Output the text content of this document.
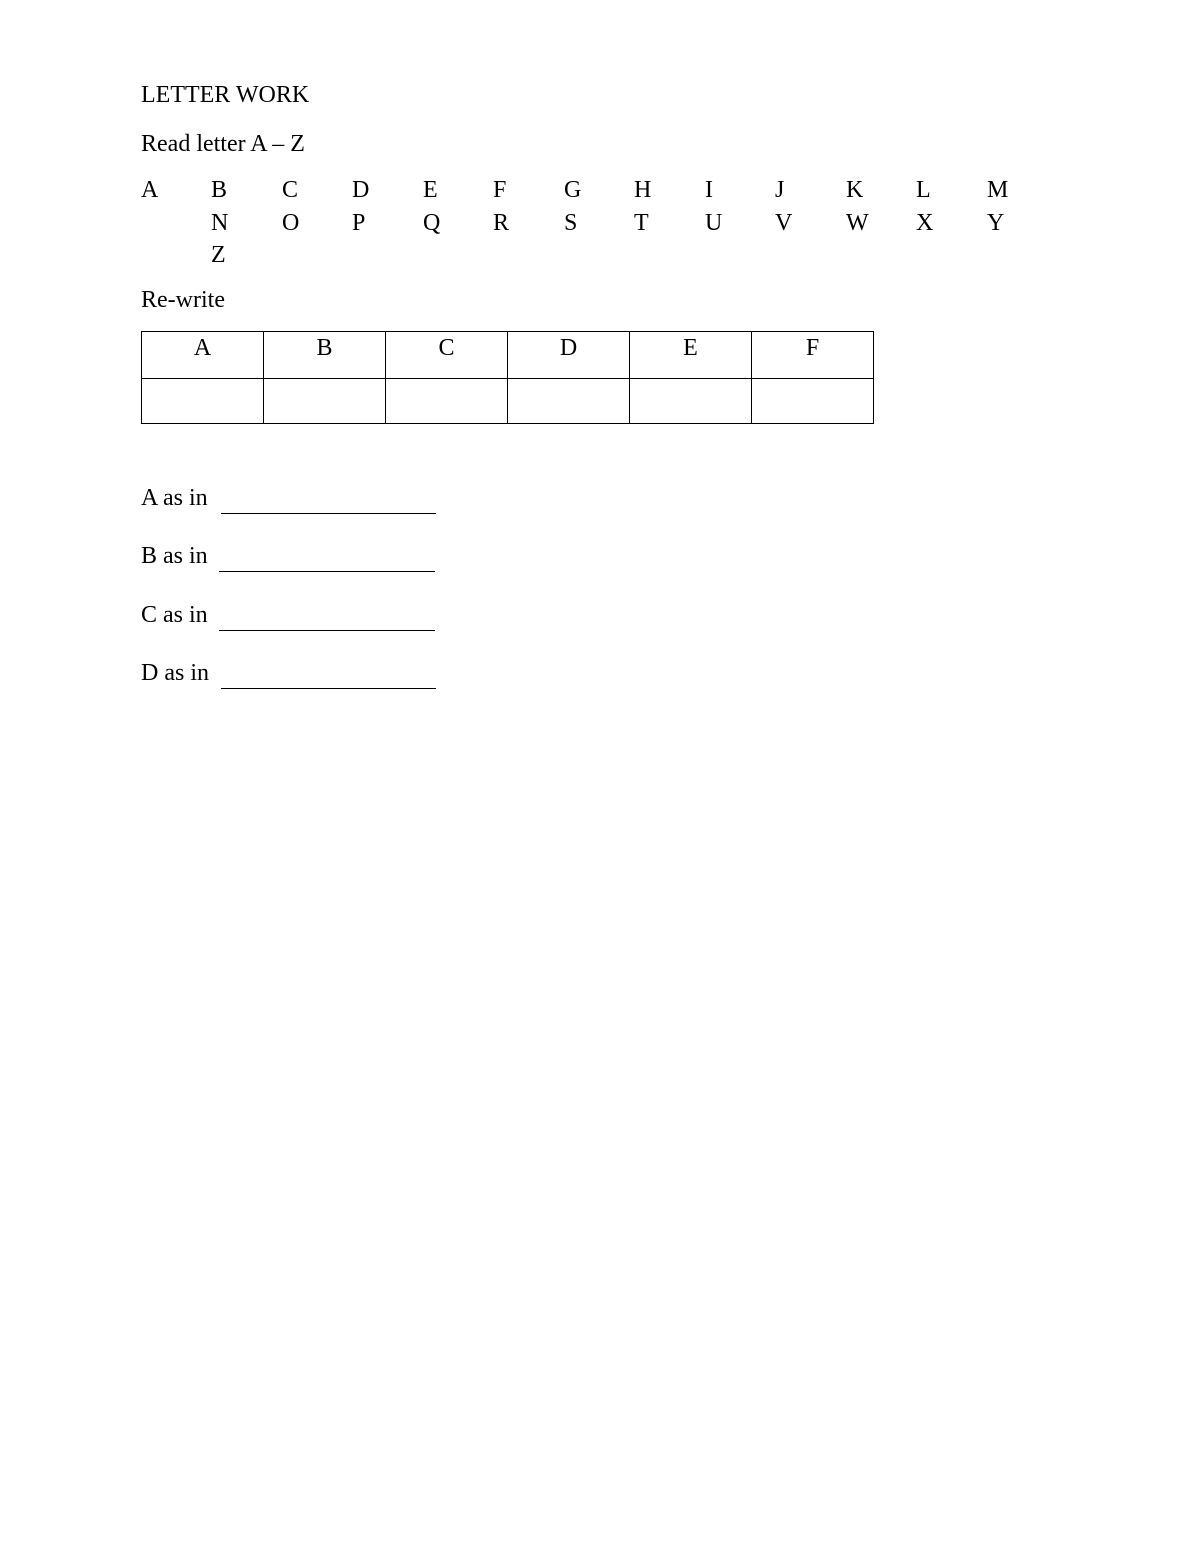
LETTER WORK
Read letter A – Z
A B C D E F G H I	J	K L M
N O P Q R S T U V W X Y
Z
Re-write
A	B	C	D	E	F

A as in
B as in
C as in
D as in
